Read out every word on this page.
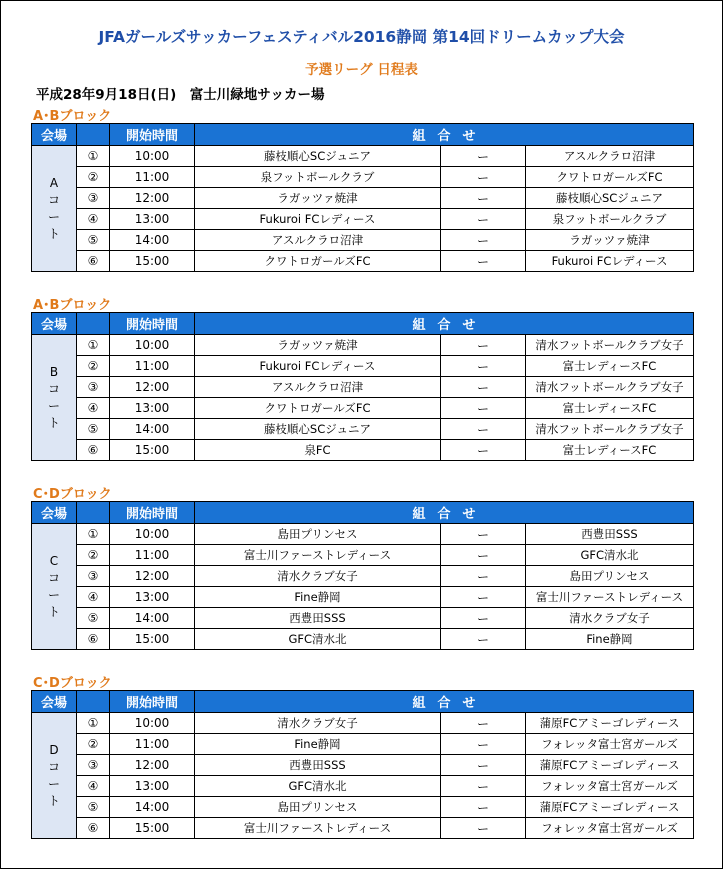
JFAガールズサッカーフェスティバル2016静岡 第14回ドリームカップ大会
予選リーグ 日程表
平成28年9月18日(日)　富士川緑地サッカー場
A･Bブロック
会場		開始時間	組 合 せ		
Aコート	①	10:00	藤枝順心SCジュニア	ー	アスルクラロ沼津
	②	11:00	泉フットボールクラブ	ー	クワトロガールズFC
	③	12:00	ラガッツァ焼津	ー	藤枝順心SCジュニア
	④	13:00	Fukuroi FCレディース	ー	泉フットボールクラブ
	⑤	14:00	アスルクラロ沼津	ー	ラガッツァ焼津
	⑥	15:00	クワトロガールズFC	ー	Fukuroi FCレディース
A･Bブロック
会場		開始時間	組 合 せ		
Bコート	①	10:00	ラガッツァ焼津	ー	清水フットボールクラブ女子
	②	11:00	Fukuroi FCレディース	ー	富士レディースFC
	③	12:00	アスルクラロ沼津	ー	清水フットボールクラブ女子
	④	13:00	クワトロガールズFC	ー	富士レディースFC
	⑤	14:00	藤枝順心SCジュニア	ー	清水フットボールクラブ女子
	⑥	15:00	泉FC	ー	富士レディースFC
C･Dブロック
会場		開始時間	組 合 せ		
Cコート	①	10:00	島田プリンセス	ー	西豊田SSS
	②	11:00	富士川ファーストレディース	ー	GFC清水北
	③	12:00	清水クラブ女子	ー	島田プリンセス
	④	13:00	Fine静岡	ー	富士川ファーストレディース
	⑤	14:00	西豊田SSS	ー	清水クラブ女子
	⑥	15:00	GFC清水北	ー	Fine静岡
C･Dブロック
会場		開始時間	組 合 せ		
Dコート	①	10:00	清水クラブ女子	ー	蒲原FCアミーゴレディース
	②	11:00	Fine静岡	ー	フォレッタ富士宮ガールズ
	③	12:00	西豊田SSS	ー	蒲原FCアミーゴレディース
	④	13:00	GFC清水北	ー	フォレッタ富士宮ガールズ
	⑤	14:00	島田プリンセス	ー	蒲原FCアミーゴレディース
	⑥	15:00	富士川ファーストレディース	ー	フォレッタ富士宮ガールズ
